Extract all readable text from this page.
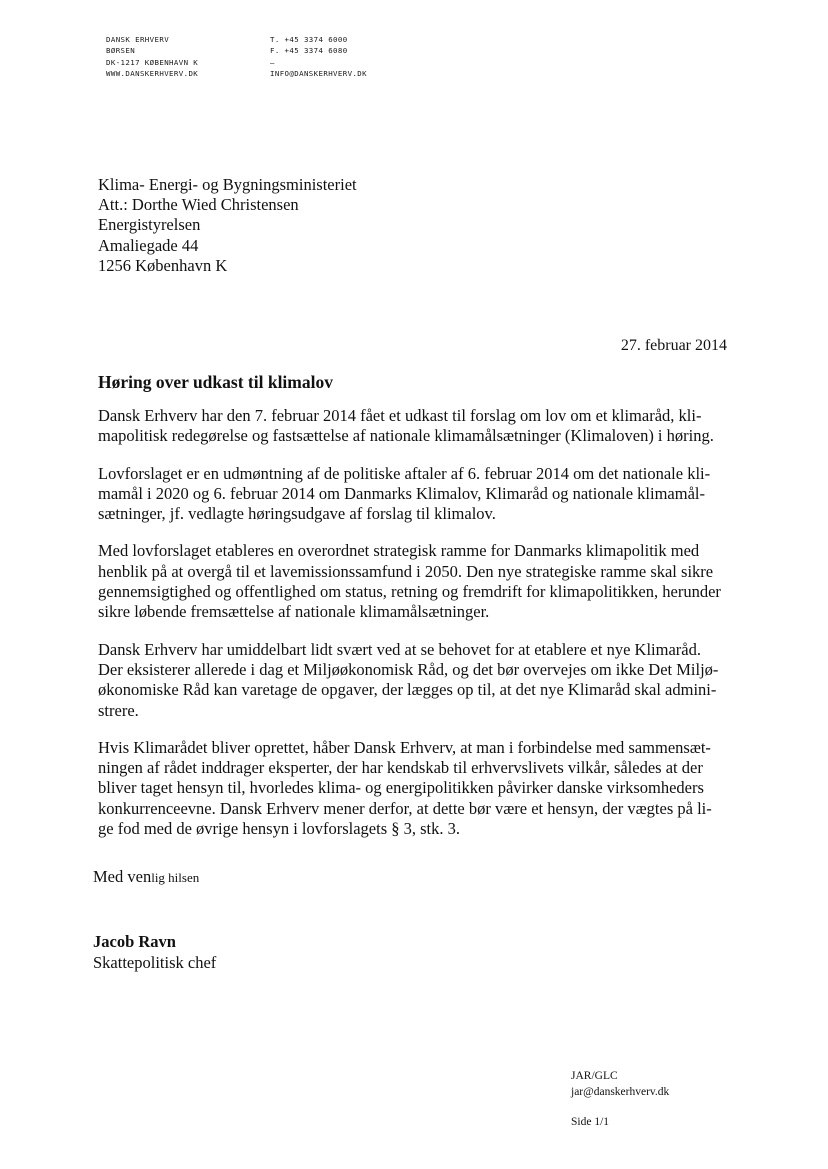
DANSK ERHVERV
BØRSEN
DK-1217 KØBENHAVN K
WWW.DANSKERHVERV.DK
T. +45 3374 6000
F. +45 3374 6080
–
INFO@DANSKERHVERV.DK
Klima- Energi- og Bygningsministeriet
Att.: Dorthe Wied Christensen
Energistyrelsen
Amaliegade 44
1256 København K
27. februar 2014
Høring over udkast til klimalov

Dansk Erhverv har den 7. februar 2014 fået et udkast til forslag om lov om et klimaråd, kli-
mapolitisk redegørelse og fastsættelse af nationale klimamålsætninger (Klimaloven) i høring.

Lovforslaget er en udmøntning af de politiske aftaler af 6. februar 2014 om det nationale kli-
mamål i 2020 og 6. februar 2014 om Danmarks Klimalov, Klimaråd og nationale klimamål-
sætninger, jf. vedlagte høringsudgave af forslag til klimalov.

Med lovforslaget etableres en overordnet strategisk ramme for Danmarks klimapolitik med
henblik på at overgå til et lavemissionssamfund i 2050. Den nye strategiske ramme skal sikre
gennemsigtighed og offentlighed om status, retning og fremdrift for klimapolitikken, herunder
sikre løbende fremsættelse af nationale klimamålsætninger.

Dansk Erhverv har umiddelbart lidt svært ved at se behovet for at etablere et nye Klimaråd.
Der eksisterer allerede i dag et Miljøøkonomisk Råd, og det bør overvejes om ikke Det Miljø-
økonomiske Råd kan varetage de opgaver, der lægges op til, at det nye Klimaråd skal admini-
strere.

Hvis Klimarådet bliver oprettet, håber Dansk Erhverv, at man i forbindelse med sammensæt-
ningen af rådet inddrager eksperter, der har kendskab til erhvervslivets vilkår, således at der
bliver taget hensyn til, hvorledes klima- og energipolitikken påvirker danske virksomheders
konkurrenceevne. Dansk Erhverv mener derfor, at dette bør være et hensyn, der vægtes på li-
ge fod med de øvrige hensyn i lovforslagets § 3, stk. 3.

Med venlig hilsen
Jacob Ravn
Skattepolitisk chef
JAR/GLC
jar@danskerhverv.dk
Side 1/1
